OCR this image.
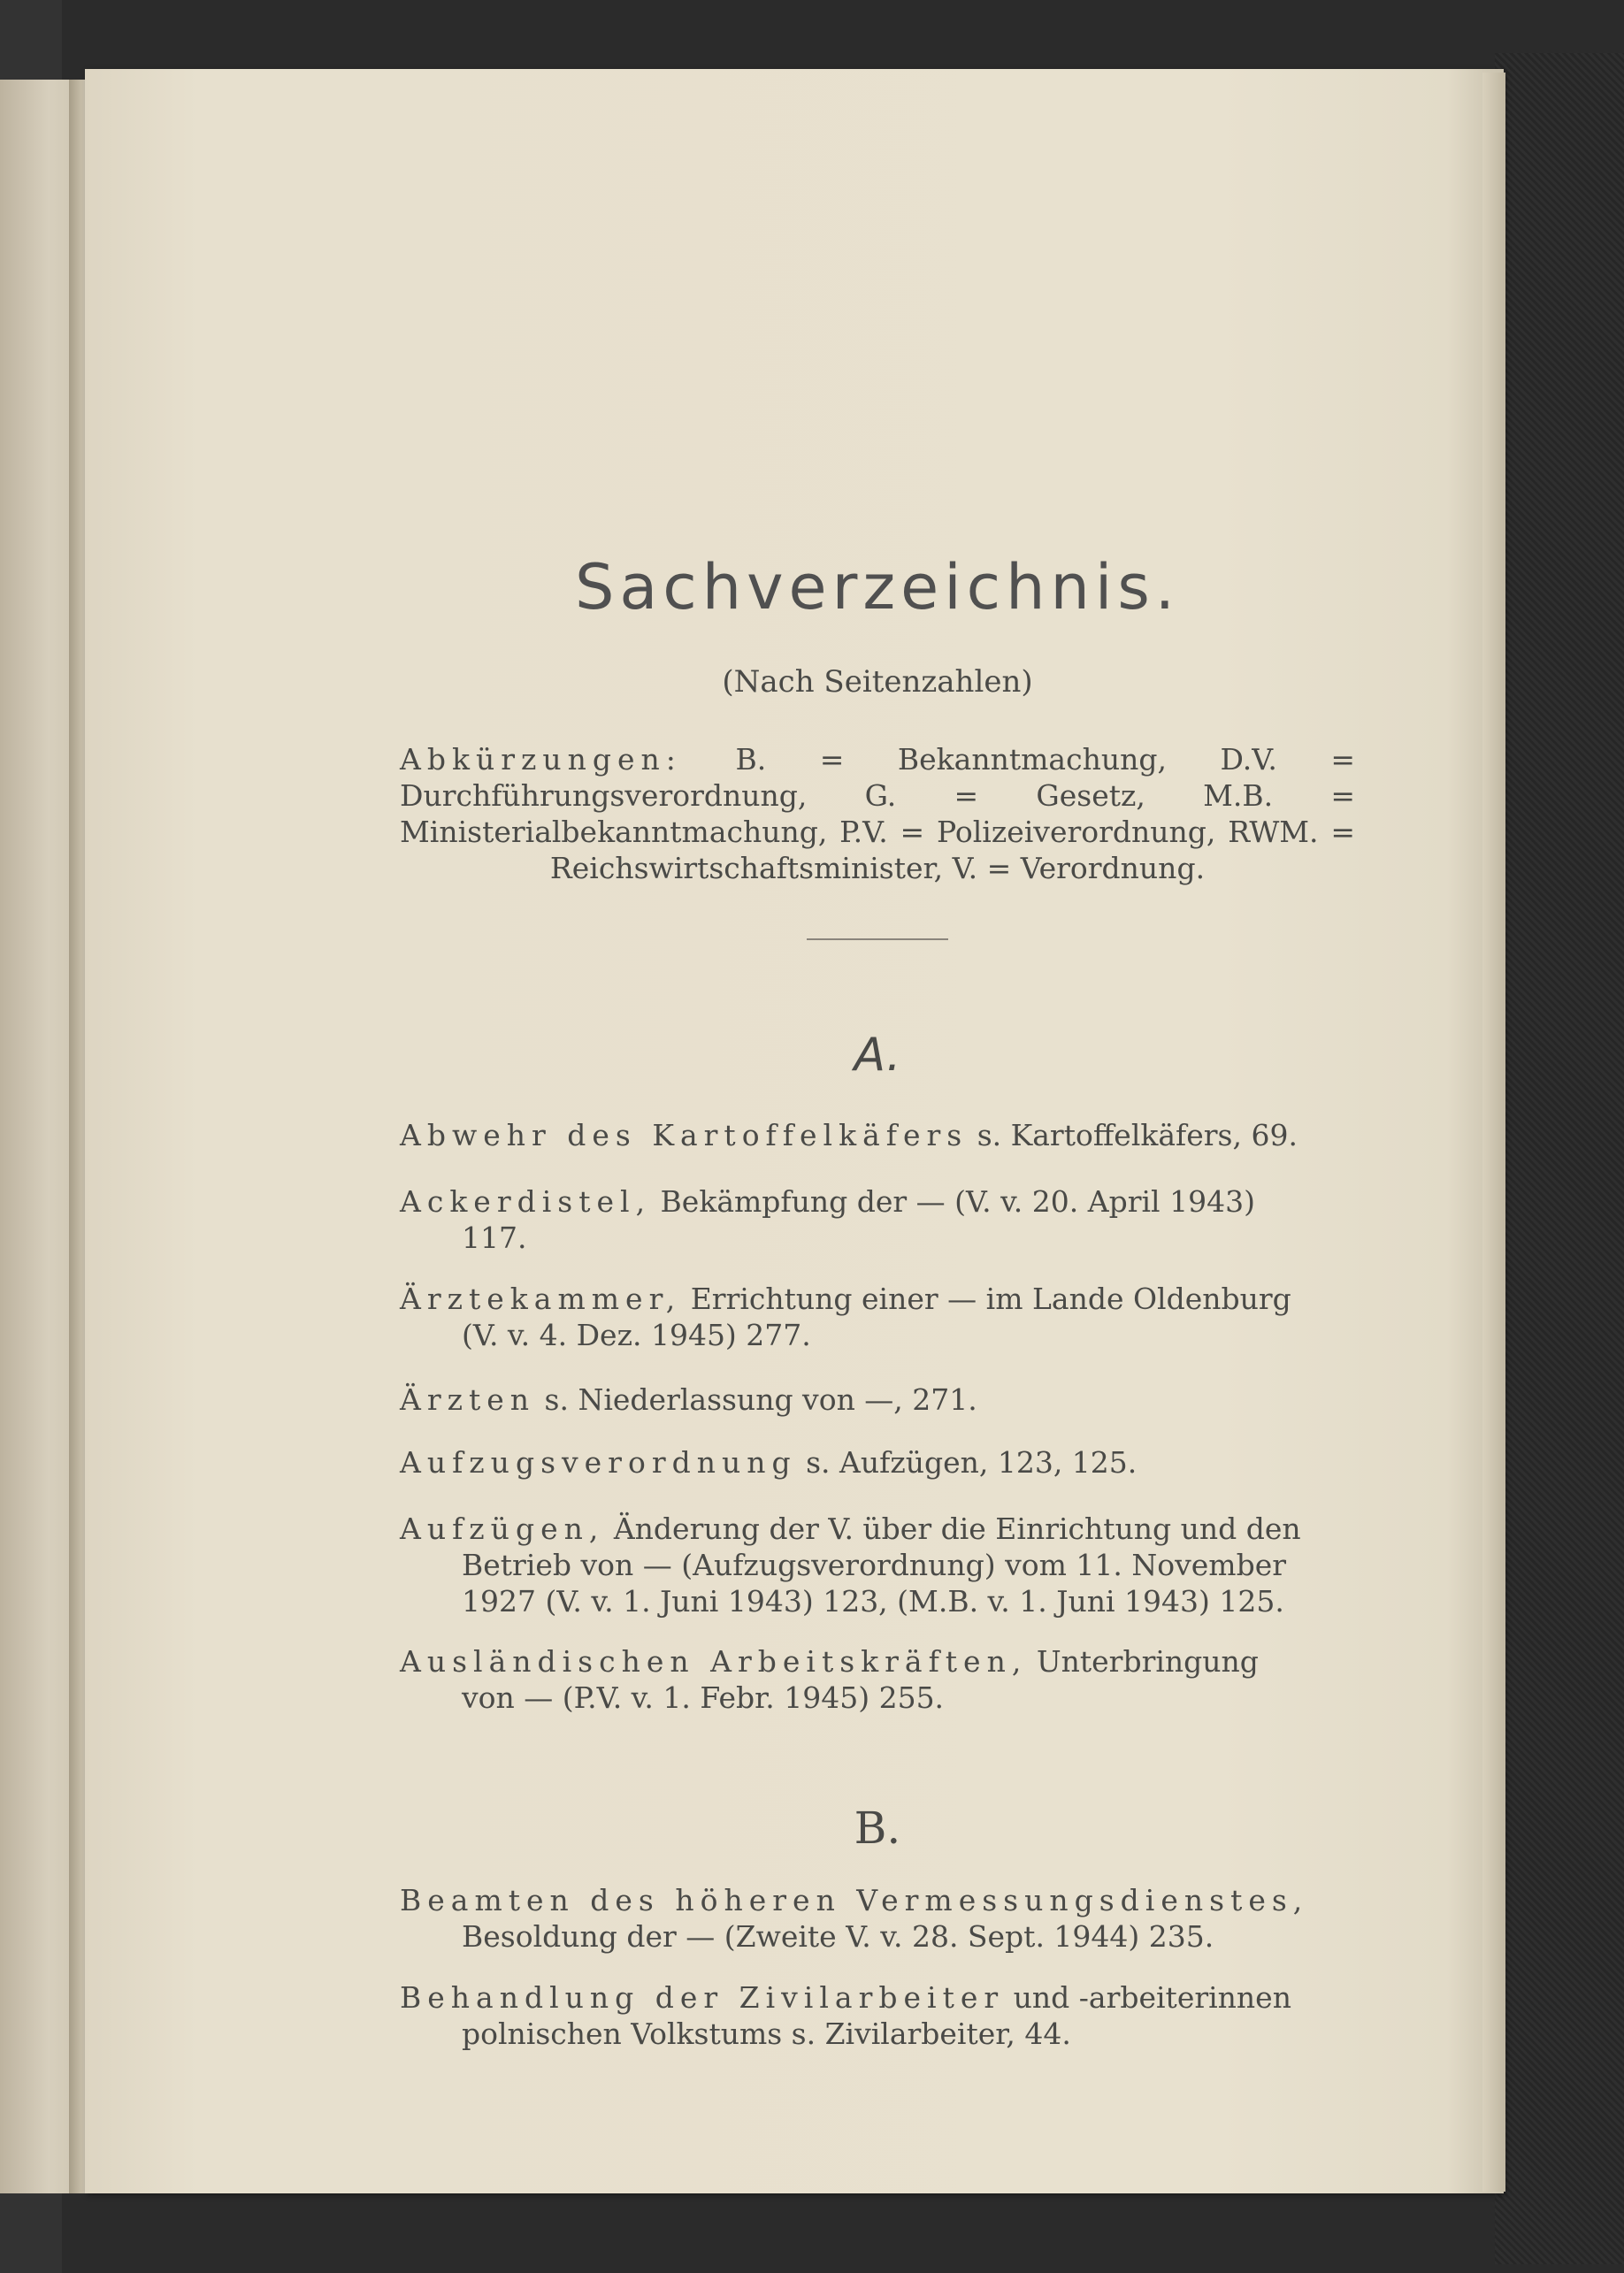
Sachverzeichnis.
(Nach Seitenzahlen)
Abkürzungen: B. = Bekanntmachung, D.V. = Durchführungsverordnung, G. = Gesetz, M.B. = Ministerialbekanntmachung, P.V. = Polizeiverordnung, RWM. = Reichswirtschaftsminister, V. = Verordnung.
A.
Abwehr des Kartoffelkäfers s. Kartoffelkäfers, 69.
Ackerdistel, Bekämpfung der — (V. v. 20. April 1943)
117.
Ärztekammer, Errichtung einer — im Lande Oldenburg
(V. v. 4. Dez. 1945) 277.
Ärzten s. Niederlassung von —, 271.
Aufzugsverordnung s. Aufzügen, 123, 125.
Aufzügen, Änderung der V. über die Einrichtung und den
Betrieb von — (Aufzugsverordnung) vom 11. November
1927 (V. v. 1. Juni 1943) 123, (M.B. v. 1. Juni 1943) 125.
Ausländischen Arbeitskräften, Unterbringung
von — (P.V. v. 1. Febr. 1945) 255.
B.
Beamten des höheren Vermessungsdienstes,
Besoldung der — (Zweite V. v. 28. Sept. 1944) 235.
Behandlung der Zivilarbeiter und -arbeiterinnen
polnischen Volkstums s. Zivilarbeiter, 44.
